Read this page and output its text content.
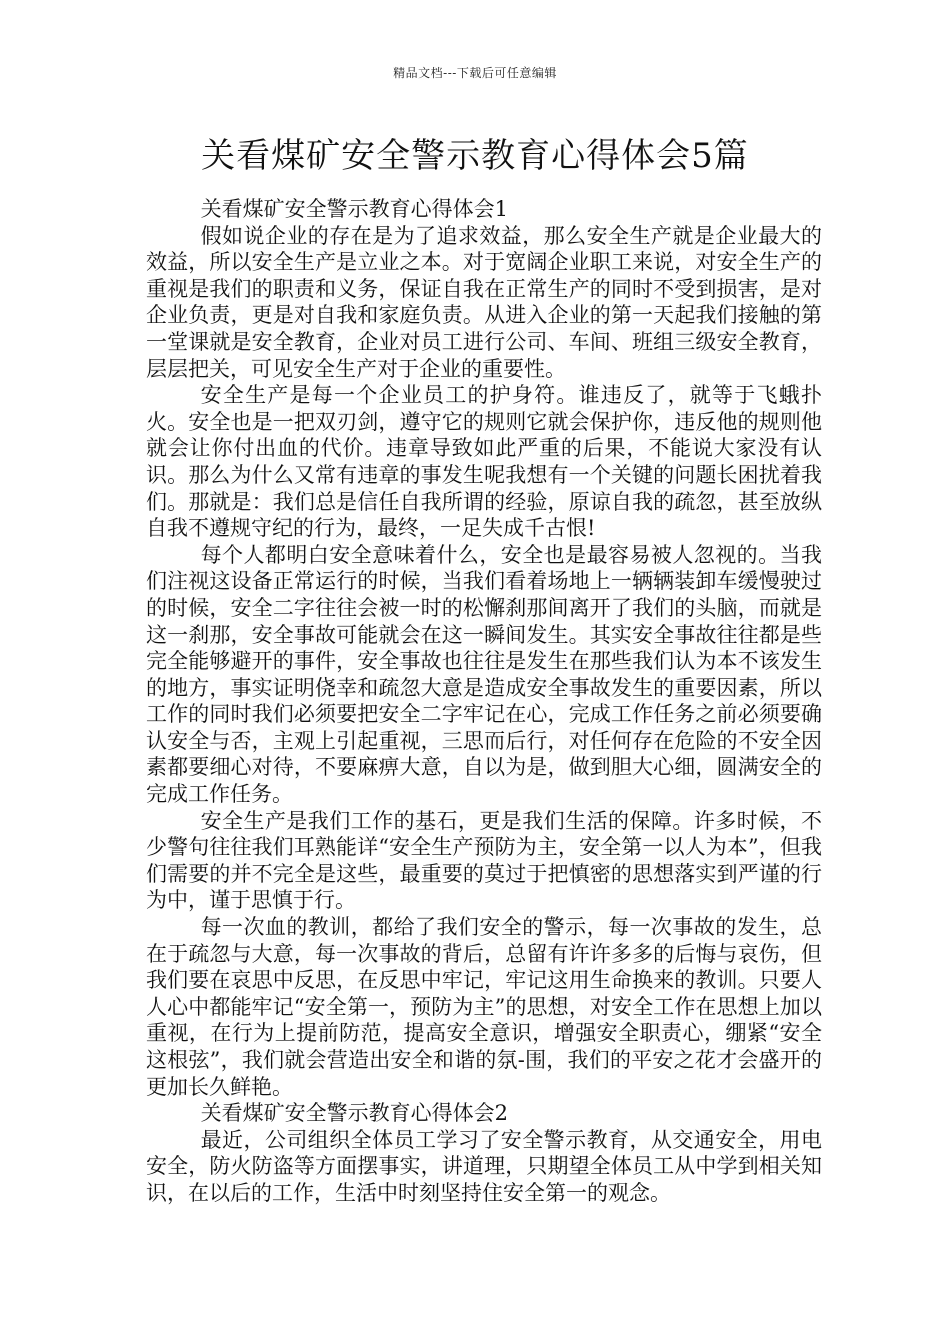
精品文档---下载后可任意编辑
关看煤矿安全警示教育心得体会5篇

关看煤矿安全警示教育心得体会1

假如说企业的存在是为了追求效益，那么安全生产就是企业最大的效益，所以安全生产是立业之本。对于宽阔企业职工来说，对安全生产的重视是我们的职责和义务，保证自我在正常生产的同时不受到损害，是对企业负责，更是对自我和家庭负责。从进入企业的第一天起我们接触的第一堂课就是安全教育，企业对员工进行公司、车间、班组三级安全教育，层层把关，可见安全生产对于企业的重要性。

安全生产是每一个企业员工的护身符。谁违反了，就等于飞蛾扑火。安全也是一把双刃剑，遵守它的规则它就会保护你，违反他的规则他就会让你付出血的代价。违章导致如此严重的后果，不能说大家没有认识。那么为什么又常有违章的事发生呢我想有一个关键的问题长困扰着我们。那就是：我们总是信任自我所谓的经验，原谅自我的疏忽，甚至放纵自我不遵规守纪的行为，最终，一足失成千古恨!

每个人都明白安全意味着什么，安全也是最容易被人忽视的。当我们注视这设备正常运行的时候，当我们看着场地上一辆辆装卸车缓慢驶过的时候，安全二字往往会被一时的松懈刹那间离开了我们的头脑，而就是这一刹那，安全事故可能就会在这一瞬间发生。其实安全事故往往都是些完全能够避开的事件，安全事故也往往是发生在那些我们认为本不该发生的地方，事实证明侥幸和疏忽大意是造成安全事故发生的重要因素，所以工作的同时我们必须要把安全二字牢记在心，完成工作任务之前必须要确认安全与否，主观上引起重视，三思而后行，对任何存在危险的不安全因素都要细心对待，不要麻痹大意，自以为是，做到胆大心细，圆满安全的完成工作任务。

安全生产是我们工作的基石，更是我们生活的保障。许多时候，不少警句往往我们耳熟能详“安全生产预防为主，安全第一以人为本”，但我们需要的并不完全是这些，最重要的莫过于把慎密的思想落实到严谨的行为中，谨于思慎于行。

每一次血的教训，都给了我们安全的警示，每一次事故的发生，总在于疏忽与大意，每一次事故的背后，总留有许许多多的后悔与哀伤，但我们要在哀思中反思，在反思中牢记，牢记这用生命换来的教训。只要人人心中都能牢记“安全第一，预防为主”的思想，对安全工作在思想上加以重视，在行为上提前防范，提高安全意识，增强安全职责心，绷紧“安全这根弦”，我们就会营造出安全和谐的氛-围，我们的平安之花才会盛开的更加长久鲜艳。

关看煤矿安全警示教育心得体会2

最近，公司组织全体员工学习了安全警示教育，从交通安全，用电安全，防火防盗等方面摆事实，讲道理，只期望全体员工从中学到相关知识，在以后的工作，生活中时刻坚持住安全第一的观念。
